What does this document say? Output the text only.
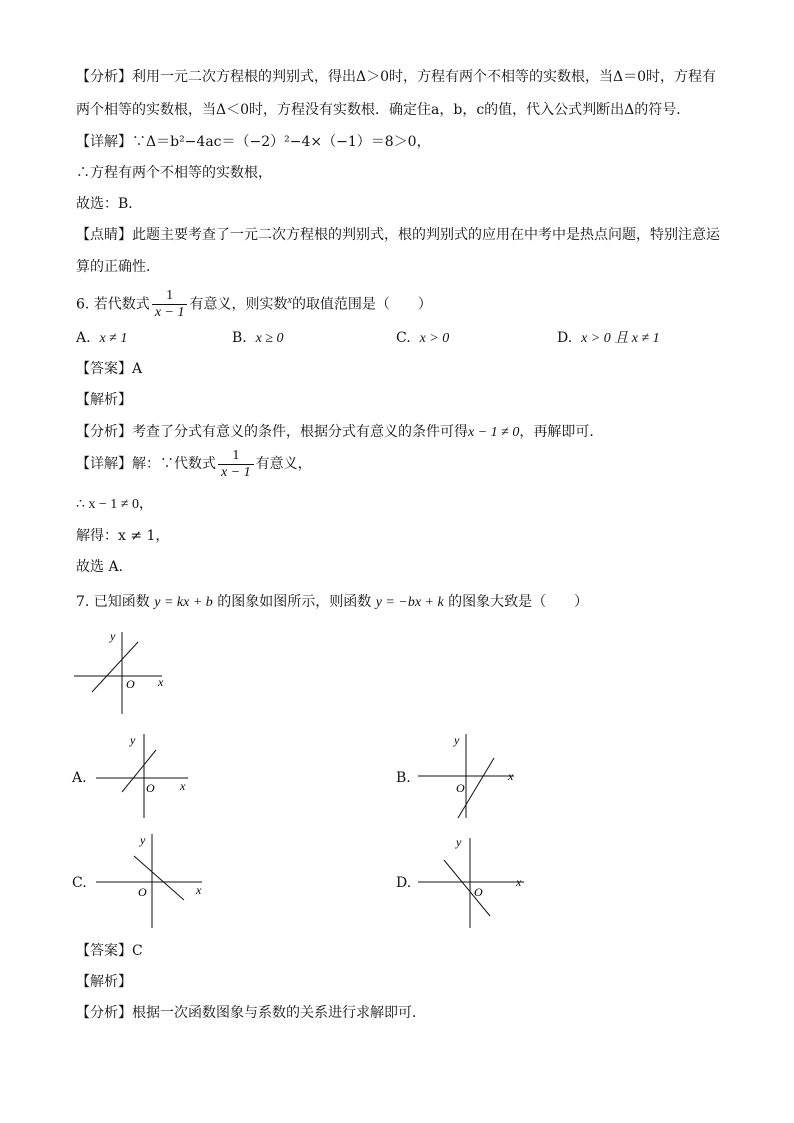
【分析】利用一元二次方程根的判别式，得出Δ＞0时，方程有两个不相等的实数根，当Δ＝0时，方程有
两个相等的实数根，当Δ＜0时，方程没有实数根．确定住a，b，c的值，代入公式判断出Δ的符号．
【详解】∵Δ＝b²−4ac＝（−2）²−4×（−1）＝8＞0，
∴方程有两个不相等的实数根，
故选：B．
【点睛】此题主要考查了一元二次方程根的判别式，根的判别式的应用在中考中是热点问题，特别注意运
算的正确性．
6. 若代数式 $\frac{1}{x - 1}$ 有意义，则实数$^x$的取值范围是（　　）
A. x ≠ 1	B. x ≥ 0	C. x > 0	D. x > 0 且 x ≠ 1
【答案】A
【解析】
【分析】考查了分式有意义的条件，根据分式有意义的条件可得x − 1 ≠ 0，再解即可．
【详解】解：∵代数式 $\frac{1}{x - 1}$ 有意义，
∴ x − 1 ≠ 0，
解得：x ≠ 1，
故选 A.
7. 已知函数 y = kx + b 的图象如图所示，则函数 y = −bx + k 的图象大致是（　　）
y
x
O
A.
y
x
O
B.
y
x
O
C.
y
x
O
D.
y
x
O
【答案】C
【解析】
【分析】根据一次函数图象与系数的关系进行求解即可．
